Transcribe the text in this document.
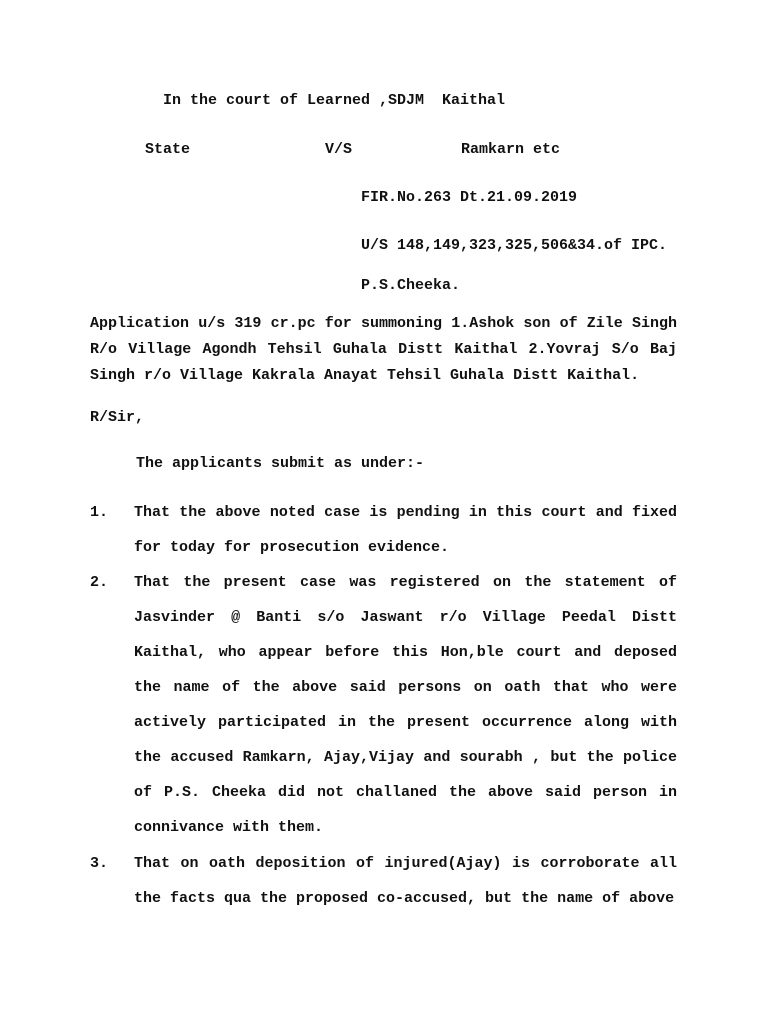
In the court of Learned ,SDJM  Kaithal
State	V/S	Ramkarn etc
FIR.No.263 Dt.21.09.2019
U/S 148,149,323,325,506&34.of IPC.
P.S.Cheeka.
Application u/s 319 cr.pc for summoning 1.Ashok son of Zile Singh R/o Village Agondh Tehsil Guhala Distt Kaithal 2.Yovraj S/o Baj Singh r/o Village Kakrala Anayat Tehsil Guhala Distt Kaithal.
R/Sir,
The applicants submit as under:-
1. That the above noted case is pending in this court and fixed for today for prosecution evidence.
2. That the present case was registered on the statement of Jasvinder @ Banti s/o Jaswant r/o Village Peedal Distt Kaithal, who appear before this Hon,ble court and deposed the name of the above said persons on oath that who were actively participated in the present occurrence along with the accused Ramkarn, Ajay,Vijay and sourabh , but the police of P.S. Cheeka did not challaned the above said person in connivance with them.
3. That on oath deposition of injured(Ajay) is corroborate all the facts qua the proposed co-accused, but the name of above
